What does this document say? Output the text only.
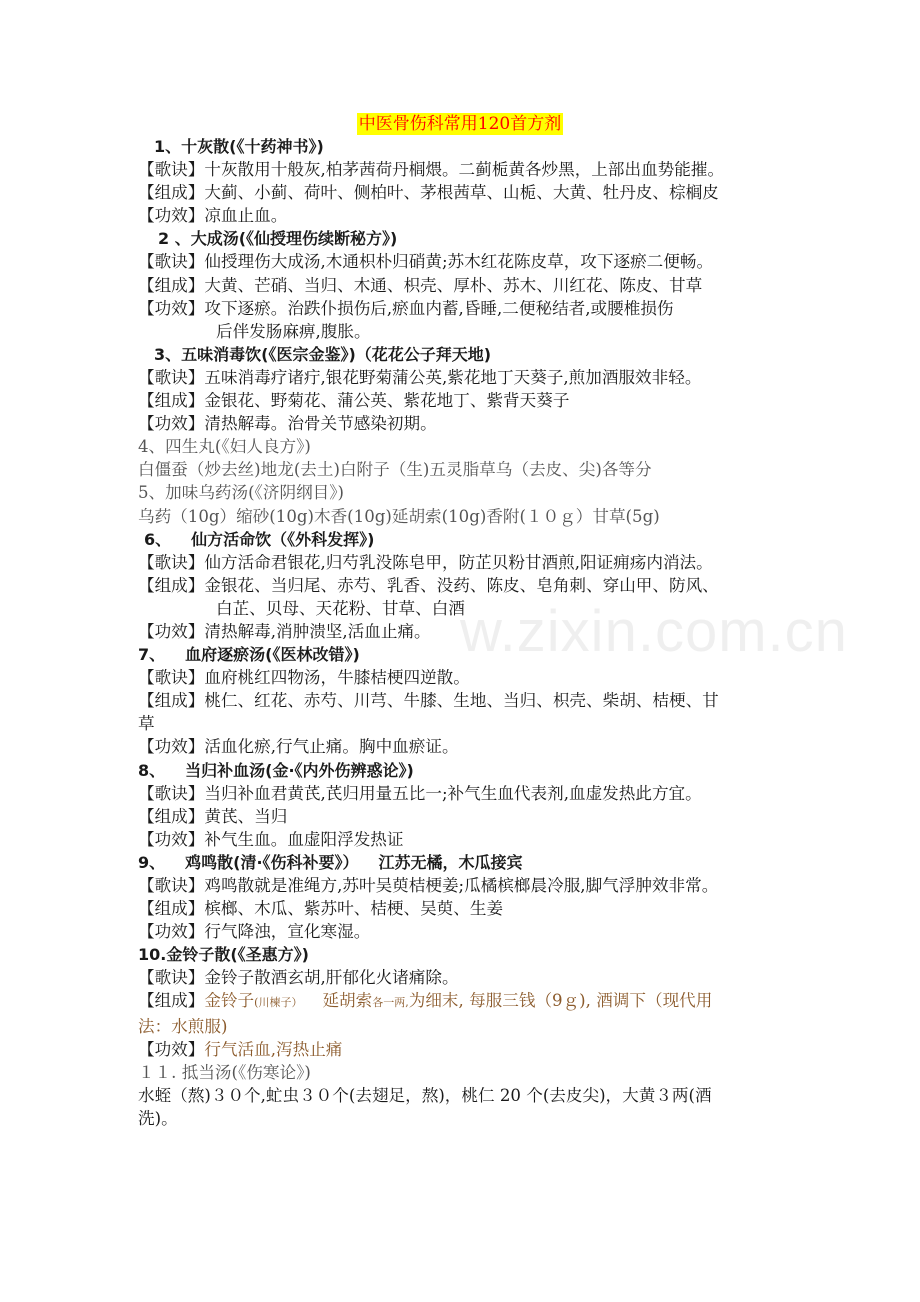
中医骨伤科常用120首方剂
w.zixin.com.cn
1、十灰散(《十药神书》)
【歌诀】十灰散用十般灰,柏茅茜荷丹榈煨。二蓟栀黄各炒黑，上部出血势能摧。
【组成】大蓟、小蓟、荷叶、侧柏叶、茅根茜草、山栀、大黄、牡丹皮、棕榈皮
【功效】凉血止血。
2 、大成汤(《仙授理伤续断秘方》)
【歌诀】仙授理伤大成汤,木通枳朴归硝黄;苏木红花陈皮草，攻下逐瘀二便畅。
【组成】大黄、芒硝、当归、木通、枳壳、厚朴、苏木、川红花、陈皮、甘草
【功效】攻下逐瘀。治跌仆损伤后,瘀血内蓄,昏睡,二便秘结者,或腰椎损伤
后伴发肠麻痹,腹胀。
3、五味消毒饮(《医宗金鉴》)（花花公子拜天地)
【歌诀】五味消毒疗诸疔,银花野菊蒲公英,紫花地丁天葵子,煎加酒服效非轻。
【组成】金银花、野菊花、蒲公英、紫花地丁、紫背天葵子
【功效】清热解毒。治骨关节感染初期。
4、四生丸(《妇人良方》)
白僵蚕（炒去丝)地龙(去土)白附子（生)五灵脂草乌（去皮、尖)各等分
5、加味乌药汤(《济阴纲目》)
乌药（10g）缩砂(10g)木香(10g)延胡索(10g)香附(１０ｇ）甘草(5g)
6、 仙方活命饮（《外科发挥》)
【歌诀】仙方活命君银花,归芍乳没陈皂甲，防芷贝粉甘酒煎,阳证痈疡内消法。
【组成】金银花、当归尾、赤芍、乳香、没药、陈皮、皂角刺、穿山甲、防风、
白芷、贝母、天花粉、甘草、白酒
【功效】清热解毒,消肿溃坚,活血止痛。
7、 血府逐瘀汤(《医林改错》)
【歌诀】血府桃红四物汤，牛膝桔梗四逆散。
【组成】桃仁、红花、赤芍、川芎、牛膝、生地、当归、枳壳、柴胡、桔梗、甘
草
【功效】活血化瘀,行气止痛。胸中血瘀证。
8、 当归补血汤(金·《内外伤辨惑论》)
【歌诀】当归补血君黄芪,芪归用量五比一;补气生血代表剂,血虚发热此方宜。
【组成】黄芪、当归
【功效】补气生血。血虚阳浮发热证
9、 鸡鸣散(清·《伤科补要》） 江苏无橘，木瓜接宾
【歌诀】鸡鸣散就是准绳方,苏叶吴萸桔梗姜;瓜橘槟榔晨冷服,脚气浮肿效非常。
【组成】槟榔、木瓜、紫苏叶、桔梗、吴萸、生姜
【功效】行气降浊，宣化寒湿。
10.金铃子散(《圣惠方》)
【歌诀】金铃子散酒玄胡,肝郁化火诸痛除。
【组成】金铃子(川楝子） 延胡索各一两,为细末, 每服三钱（9ｇ), 酒调下（现代用
法：水煎服)
【功效】行气活血,泻热止痛
１１. 抵当汤(《伤寒论》)
水蛭（熬)３０个,虻虫３０个(去翅足，熬)，桃仁 20 个(去皮尖)，大黄３两(酒
洗)。
